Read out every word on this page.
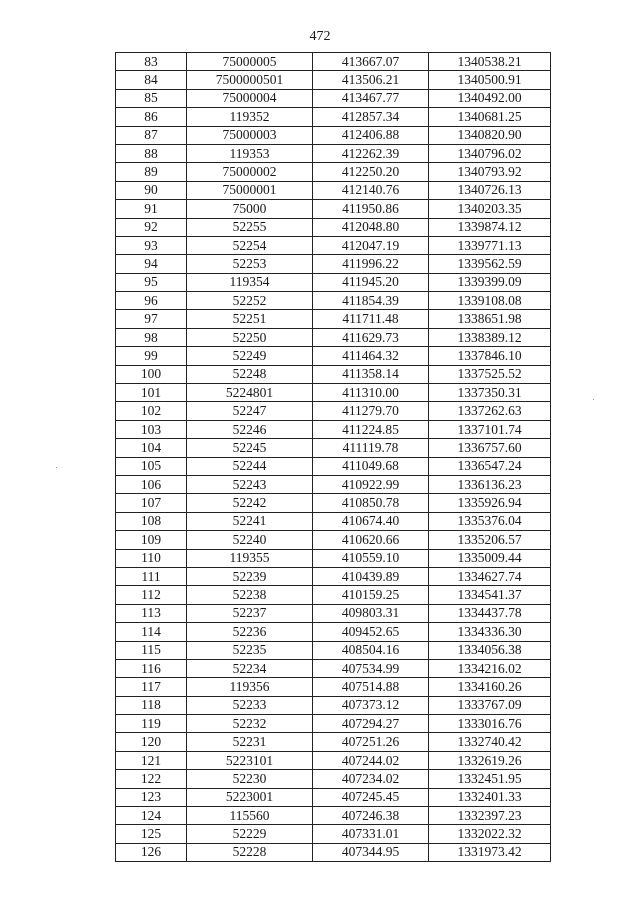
472
83	75000005	413667.07	1340538.21
84	7500000501	413506.21	1340500.91
85	75000004	413467.77	1340492.00
86	119352	412857.34	1340681.25
87	75000003	412406.88	1340820.90
88	119353	412262.39	1340796.02
89	75000002	412250.20	1340793.92
90	75000001	412140.76	1340726.13
91	75000	411950.86	1340203.35
92	52255	412048.80	1339874.12
93	52254	412047.19	1339771.13
94	52253	411996.22	1339562.59
95	119354	411945.20	1339399.09
96	52252	411854.39	1339108.08
97	52251	411711.48	1338651.98
98	52250	411629.73	1338389.12
99	52249	411464.32	1337846.10
100	52248	411358.14	1337525.52
101	5224801	411310.00	1337350.31
102	52247	411279.70	1337262.63
103	52246	411224.85	1337101.74
104	52245	411119.78	1336757.60
105	52244	411049.68	1336547.24
106	52243	410922.99	1336136.23
107	52242	410850.78	1335926.94
108	52241	410674.40	1335376.04
109	52240	410620.66	1335206.57
110	119355	410559.10	1335009.44
111	52239	410439.89	1334627.74
112	52238	410159.25	1334541.37
113	52237	409803.31	1334437.78
114	52236	409452.65	1334336.30
115	52235	408504.16	1334056.38
116	52234	407534.99	1334216.02
117	119356	407514.88	1334160.26
118	52233	407373.12	1333767.09
119	52232	407294.27	1333016.76
120	52231	407251.26	1332740.42
121	5223101	407244.02	1332619.26
122	52230	407234.02	1332451.95
123	5223001	407245.45	1332401.33
124	115560	407246.38	1332397.23
125	52229	407331.01	1332022.32
126	52228	407344.95	1331973.42
